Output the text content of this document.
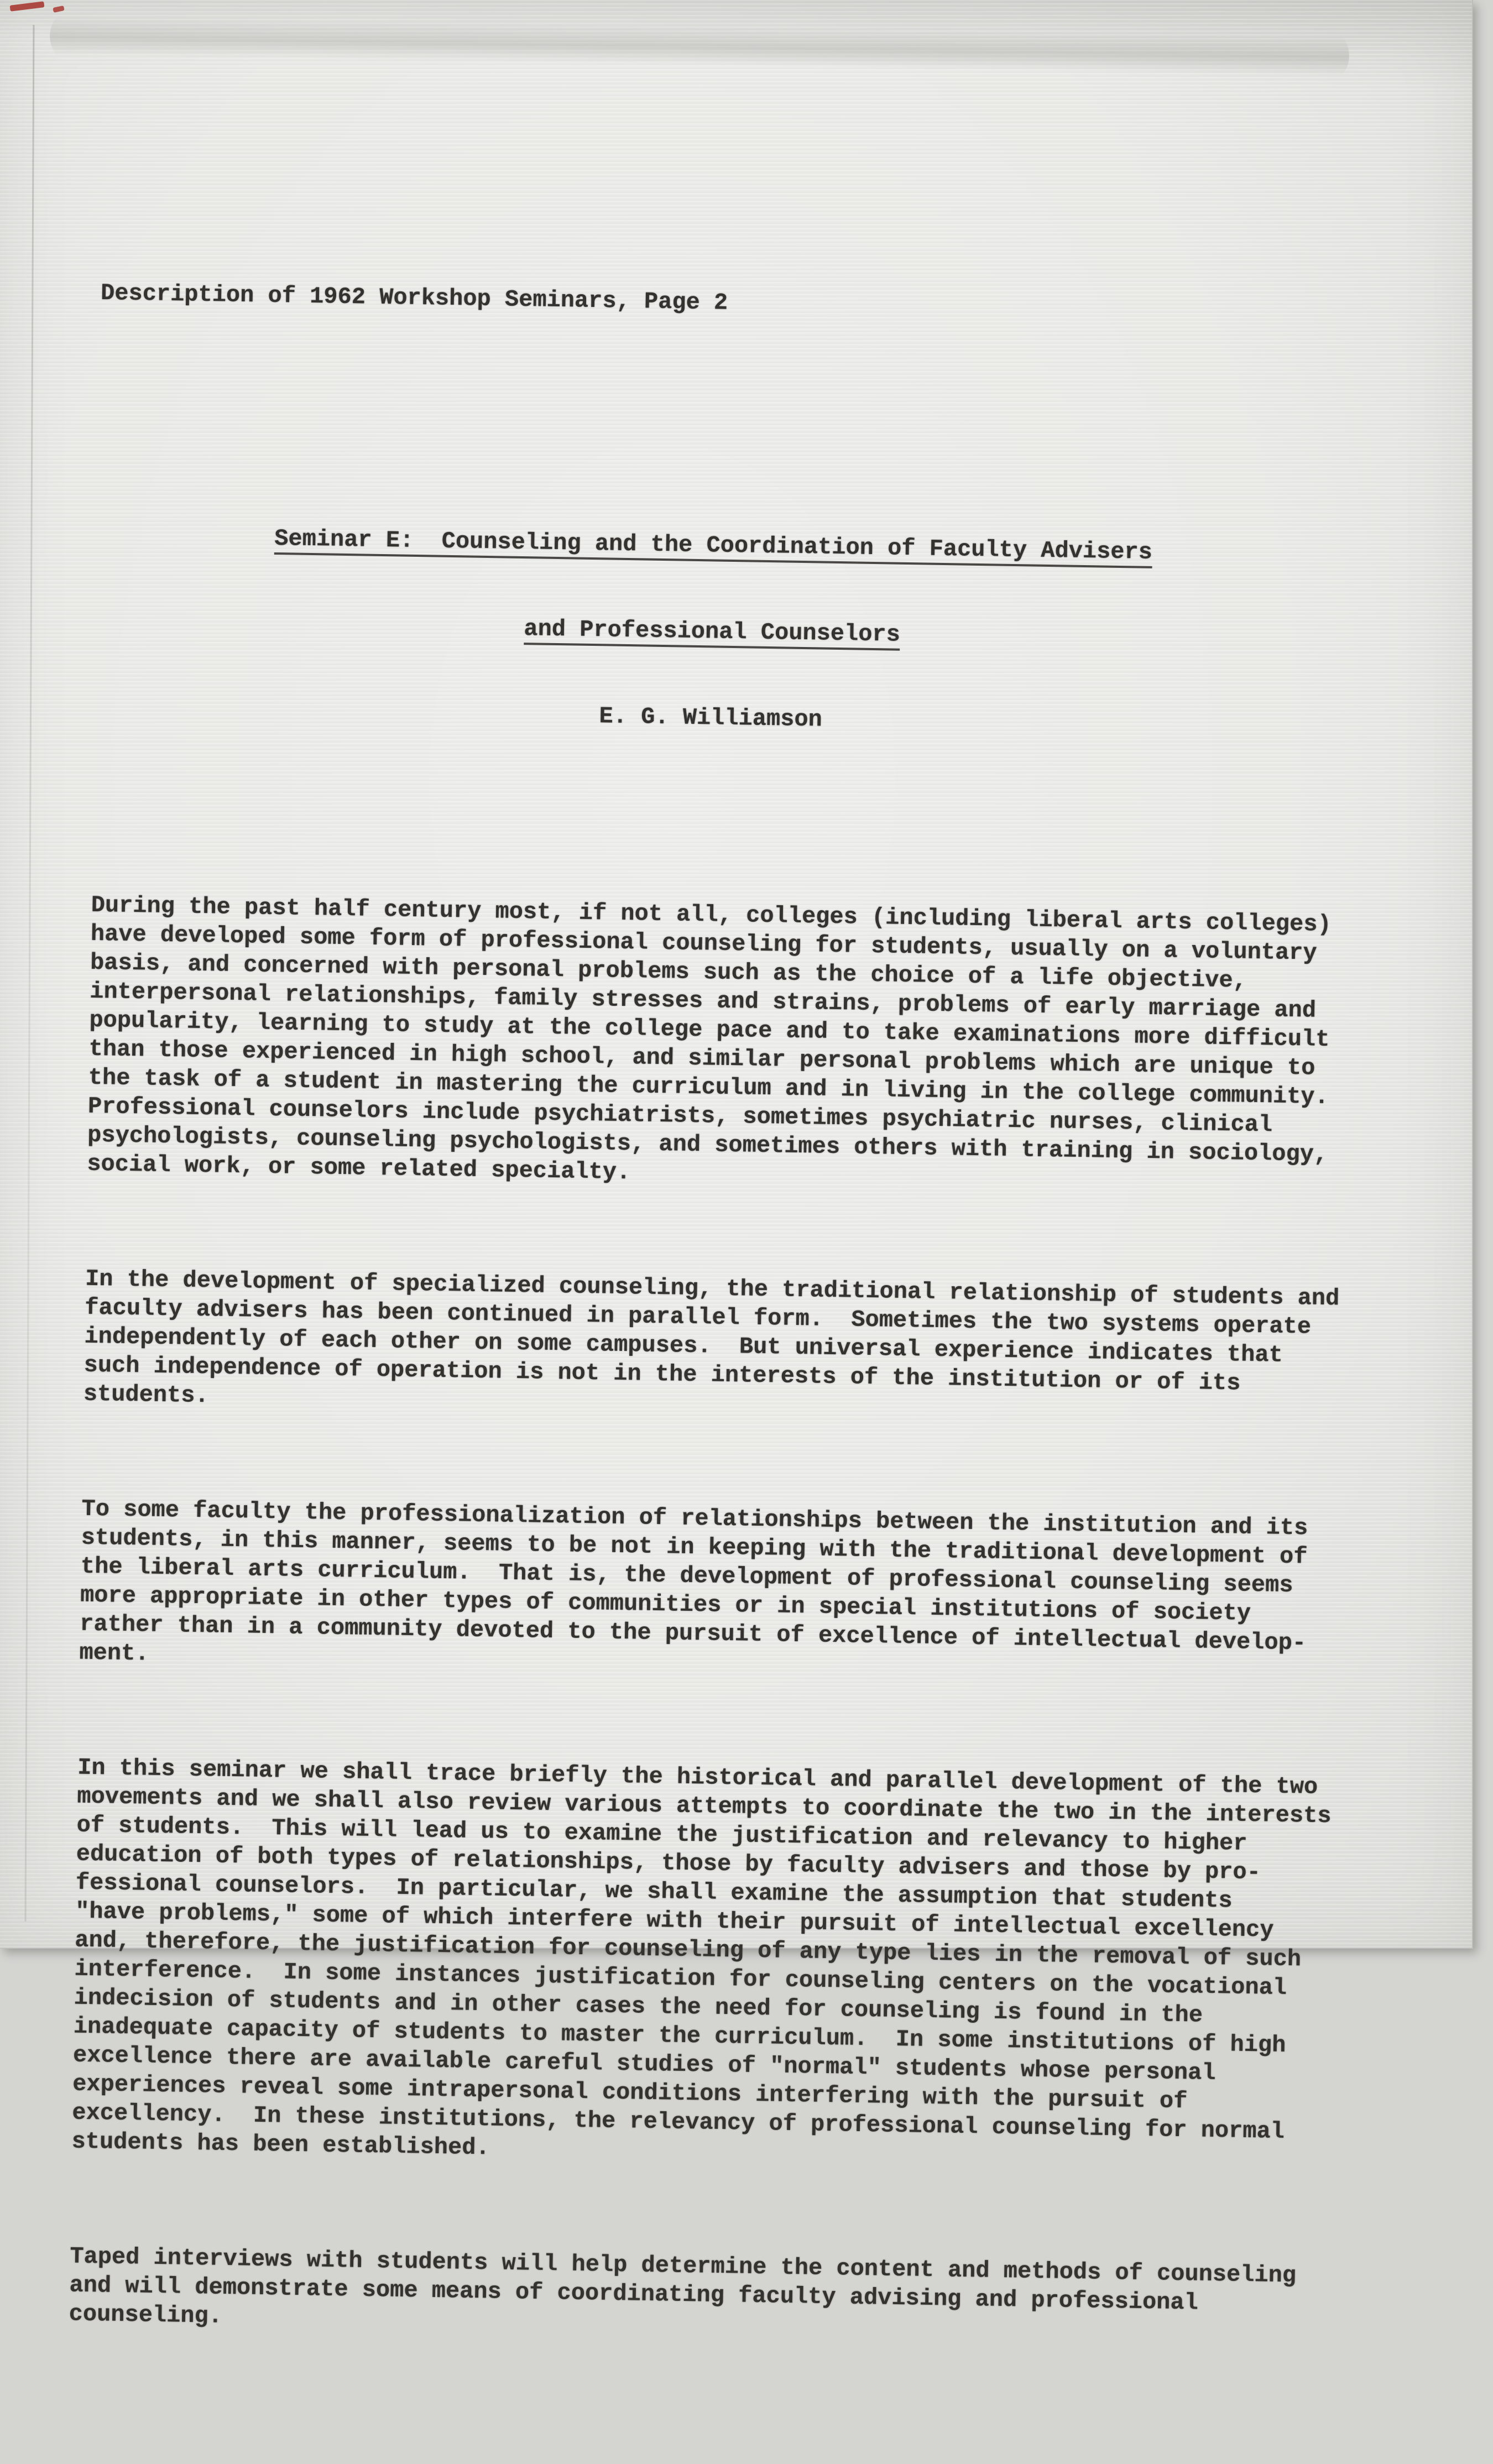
Description of 1962 Workshop Seminars, Page 2

Seminar E:  Counseling and the Coordination of Faculty Advisers

and Professional Counselors

E. G. Williamson

During the past half century most, if not all, colleges (including liberal arts colleges)
have developed some form of professional counseling for students, usually on a voluntary
basis, and concerned with personal problems such as the choice of a life objective,
interpersonal relationships, family stresses and strains, problems of early marriage and
popularity, learning to study at the college pace and to take examinations more difficult
than those experienced in high school, and similar personal problems which are unique to
the task of a student in mastering the curriculum and in living in the college community.
Professional counselors include psychiatrists, sometimes psychiatric nurses, clinical
psychologists, counseling psychologists, and sometimes others with training in sociology,
social work, or some related specialty.

In the development of specialized counseling, the traditional relationship of students and
faculty advisers has been continued in parallel form.  Sometimes the two systems operate
independently of each other on some campuses.  But universal experience indicates that
such independence of operation is not in the interests of the institution or of its
students.

To some faculty the professionalization of relationships between the institution and its
students, in this manner, seems to be not in keeping with the traditional development of
the liberal arts curriculum.  That is, the development of professional counseling seems
more appropriate in other types of communities or in special institutions of society
rather than in a community devoted to the pursuit of excellence of intellectual develop-
ment.

In this seminar we shall trace briefly the historical and parallel development of the two
movements and we shall also review various attempts to coordinate the two in the interests
of students.  This will lead us to examine the justification and relevancy to higher
education of both types of relationships, those by faculty advisers and those by pro-
fessional counselors.  In particular, we shall examine the assumption that students
"have problems," some of which interfere with their pursuit of intellectual excellency
and, therefore, the justification for counseling of any type lies in the removal of such
interference.  In some instances justification for counseling centers on the vocational
indecision of students and in other cases the need for counseling is found in the
inadequate capacity of students to master the curriculum.  In some institutions of high
excellence there are available careful studies of "normal" students whose personal
experiences reveal some intrapersonal conditions interfering with the pursuit of
excellency.  In these institutions, the relevancy of professional counseling for normal
students has been established.

Taped interviews with students will help determine the content and methods of counseling
and will demonstrate some means of coordinating faculty advising and professional
counseling.
